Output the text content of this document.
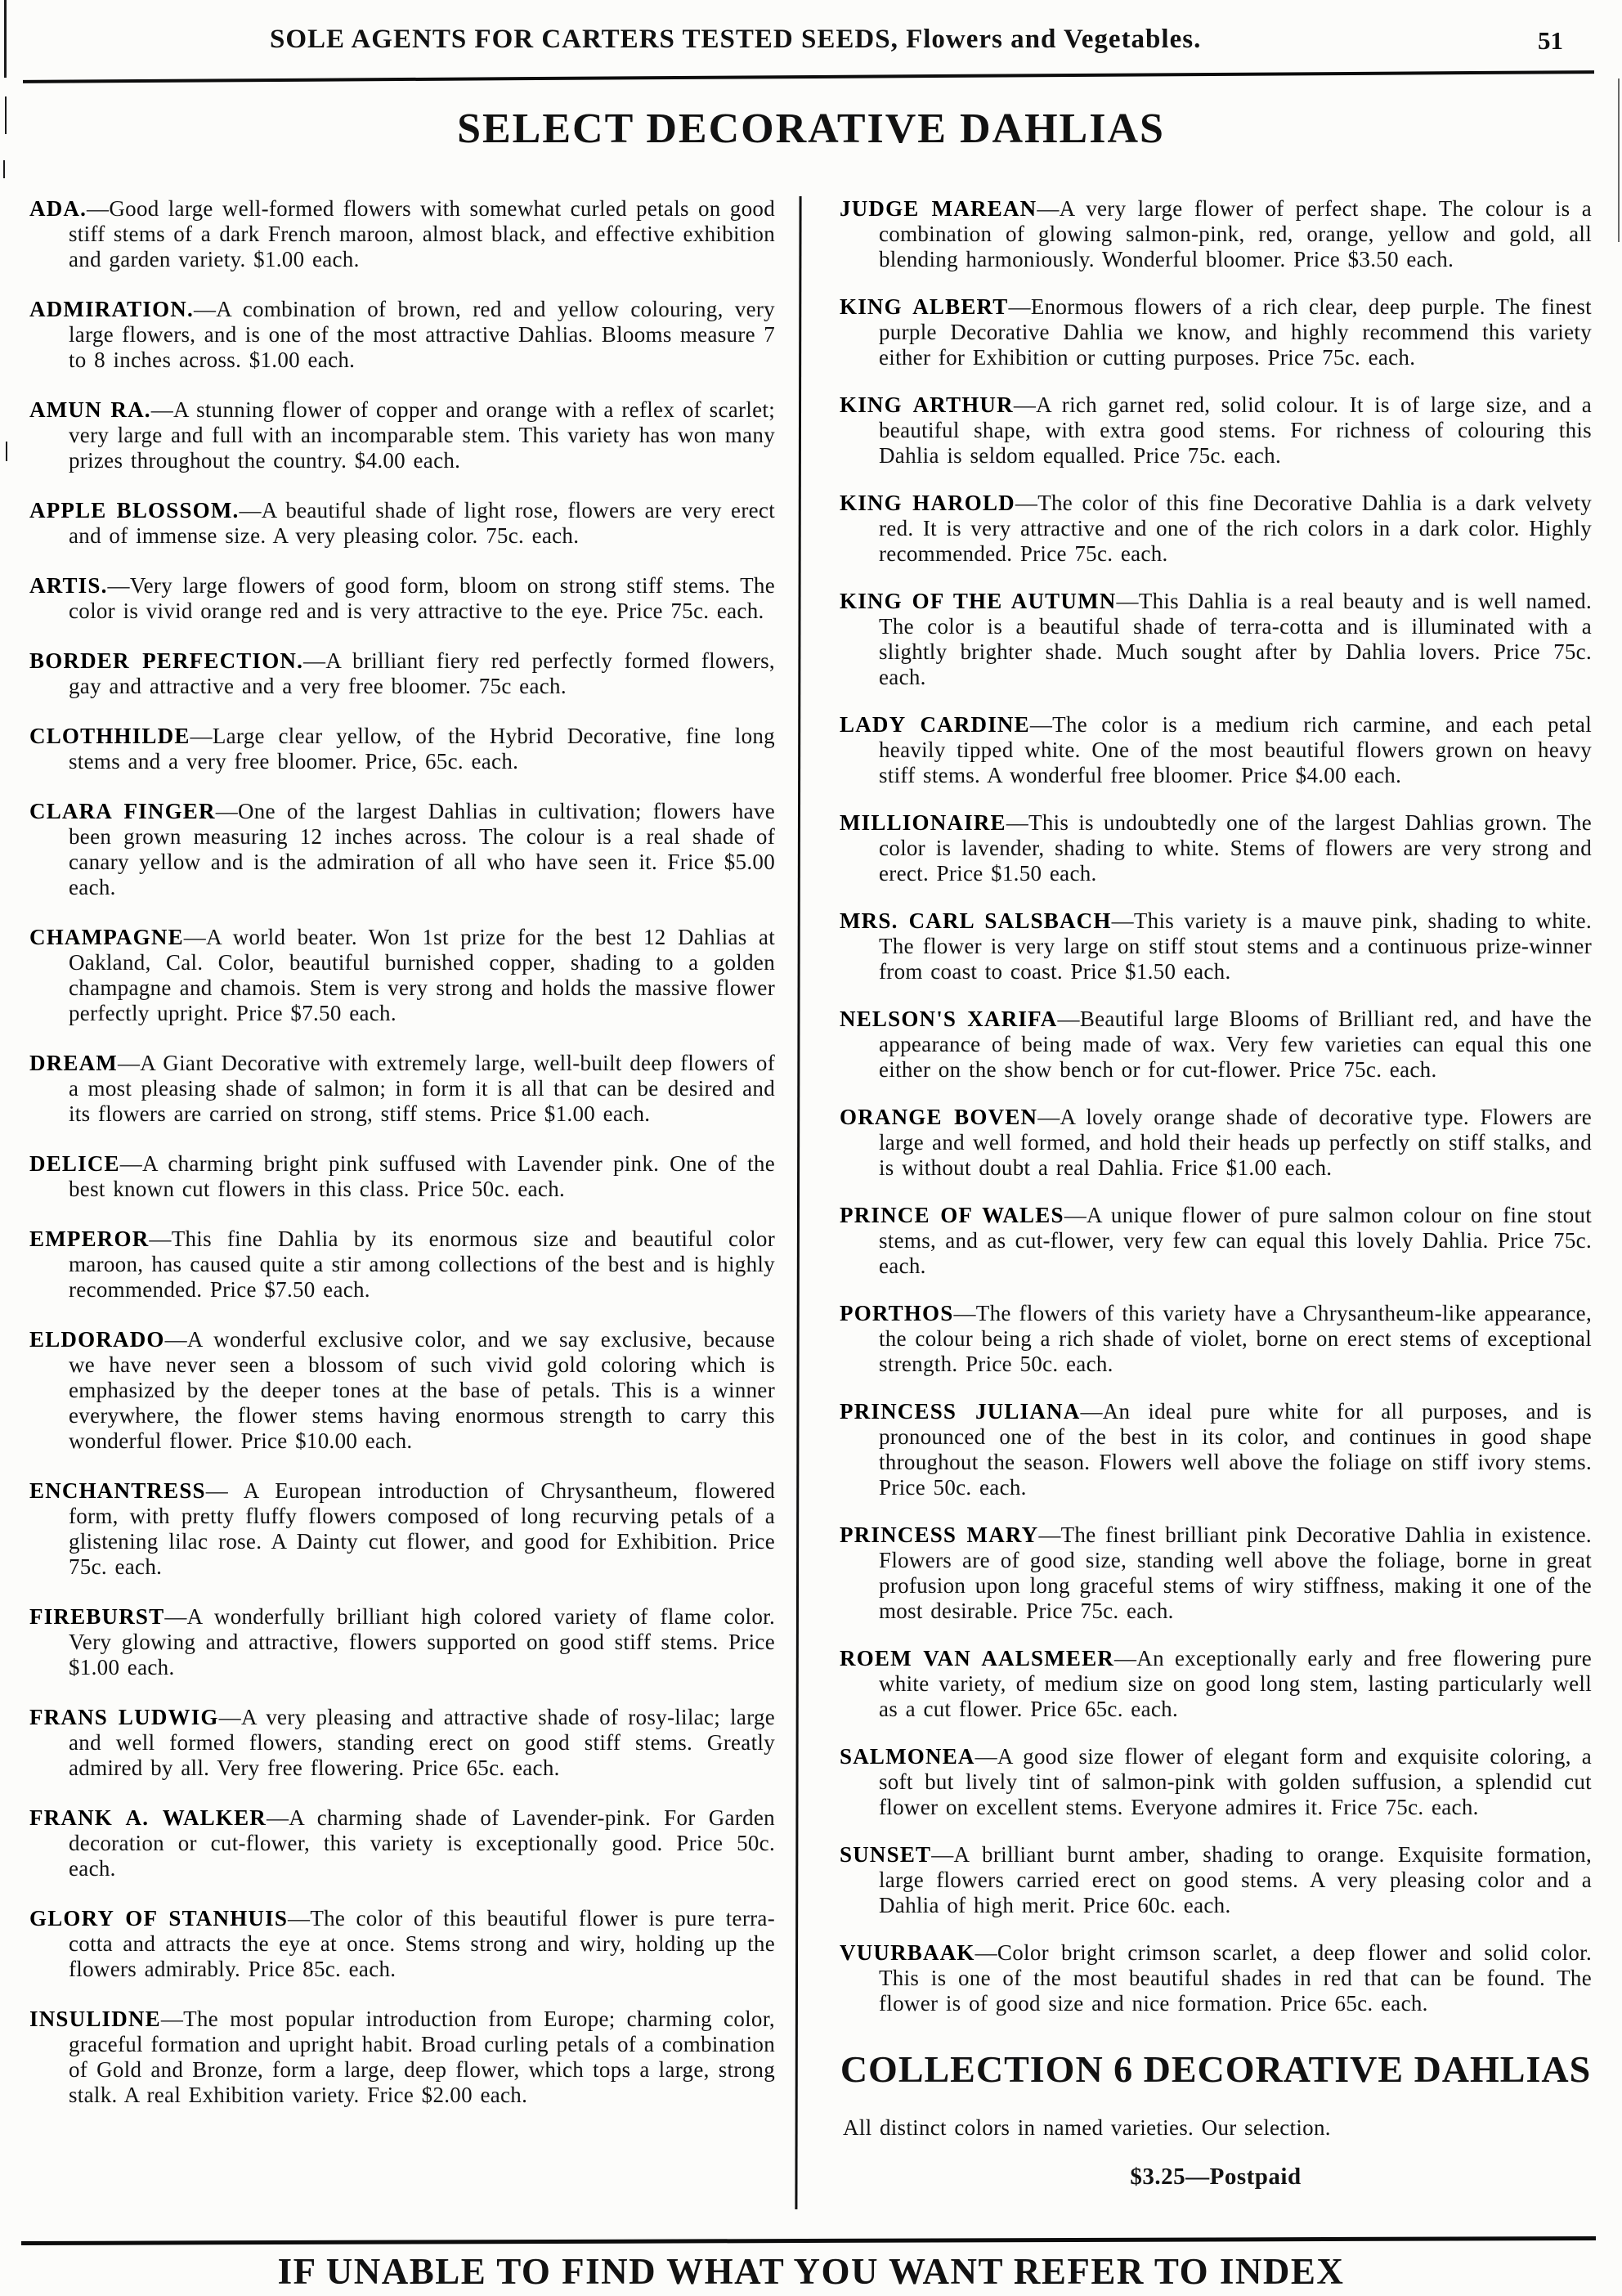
SOLE AGENTS FOR CARTERS TESTED SEEDS, Flowers and Vegetables.	51
SELECT DECORATIVE DAHLIAS

ADA.—Good large well-formed flowers with somewhat curled petals on good stiff stems of a dark French maroon, almost black, and effective exhibition and garden variety. $1.00 each.

ADMIRATION.—A combination of brown, red and yellow colouring, very large flowers, and is one of the most attractive Dahlias. Blooms measure 7 to 8 inches across. $1.00 each.

AMUN RA.—A stunning flower of copper and orange with a reflex of scarlet; very large and full with an incomparable stem. This variety has won many prizes throughout the country. $4.00 each.

APPLE BLOSSOM.—A beautiful shade of light rose, flowers are very erect and of immense size. A very pleasing color. 75c. each.

ARTIS.—Very large flowers of good form, bloom on strong stiff stems. The color is vivid orange red and is very attractive to the eye. Price 75c. each.

BORDER PERFECTION.—A brilliant fiery red perfectly formed flowers, gay and attractive and a very free bloomer. 75c each.

CLOTHHILDE—Large clear yellow, of the Hybrid Decorative, fine long stems and a very free bloomer. Price, 65c. each.

CLARA FINGER—One of the largest Dahlias in cultivation; flowers have been grown measuring 12 inches across. The colour is a real shade of canary yellow and is the admiration of all who have seen it. Frice $5.00 each.

CHAMPAGNE—A world beater. Won 1st prize for the best 12 Dahlias at Oakland, Cal. Color, beautiful burnished copper, shading to a golden champagne and chamois. Stem is very strong and holds the massive flower perfectly upright. Price $7.50 each.

DREAM—A Giant Decorative with extremely large, well-built deep flowers of a most pleasing shade of salmon; in form it is all that can be desired and its flowers are carried on strong, stiff stems. Price $1.00 each.

DELICE—A charming bright pink suffused with Lavender pink. One of the best known cut flowers in this class. Price 50c. each.

EMPEROR—This fine Dahlia by its enormous size and beautiful color maroon, has caused quite a stir among collections of the best and is highly recommended. Price $7.50 each.

ELDORADO—A wonderful exclusive color, and we say exclusive, because we have never seen a blossom of such vivid gold coloring which is emphasized by the deeper tones at the base of petals. This is a winner everywhere, the flower stems having enormous strength to carry this wonderful flower. Price $10.00 each.

ENCHANTRESS— A European introduction of Chrysantheum, flowered form, with pretty fluffy flowers composed of long recurving petals of a glistening lilac rose. A Dainty cut flower, and good for Exhibition. Price 75c. each.

FIREBURST—A wonderfully brilliant high colored variety of flame color. Very glowing and attractive, flowers supported on good stiff stems. Price $1.00 each.

FRANS LUDWIG—A very pleasing and attractive shade of rosy-lilac; large and well formed flowers, standing erect on good stiff stems. Greatly admired by all. Very free flowering. Price 65c. each.

FRANK A. WALKER—A charming shade of Lavender-pink. For Garden decoration or cut-flower, this variety is exceptionally good. Price 50c. each.

GLORY OF STANHUIS—The color of this beautiful flower is pure terra-cotta and attracts the eye at once. Stems strong and wiry, holding up the flowers admirably. Price 85c. each.

INSULIDNE—The most popular introduction from Europe; charming color, graceful formation and upright habit. Broad curling petals of a combination of Gold and Bronze, form a large, deep flower, which tops a large, strong stalk. A real Exhibition variety. Frice $2.00 each.

JUDGE MAREAN—A very large flower of perfect shape. The colour is a combination of glowing salmon-pink, red, orange, yellow and gold, all blending harmoniously. Wonderful bloomer. Price $3.50 each.

KING ALBERT—Enormous flowers of a rich clear, deep purple. The finest purple Decorative Dahlia we know, and highly recommend this variety either for Exhibition or cutting purposes. Price 75c. each.

KING ARTHUR—A rich garnet red, solid colour. It is of large size, and a beautiful shape, with extra good stems. For richness of colouring this Dahlia is seldom equalled. Price 75c. each.

KING HAROLD—The color of this fine Decorative Dahlia is a dark velvety red. It is very attractive and one of the rich colors in a dark color. Highly recommended. Price 75c. each.

KING OF THE AUTUMN—This Dahlia is a real beauty and is well named. The color is a beautiful shade of terra-cotta and is illuminated with a slightly brighter shade. Much sought after by Dahlia lovers. Price 75c. each.

LADY CARDINE—The color is a medium rich carmine, and each petal heavily tipped white. One of the most beautiful flowers grown on heavy stiff stems. A wonderful free bloomer. Price $4.00 each.

MILLIONAIRE—This is undoubtedly one of the largest Dahlias grown. The color is lavender, shading to white. Stems of flowers are very strong and erect. Price $1.50 each.

MRS. CARL SALSBACH—This variety is a mauve pink, shading to white. The flower is very large on stiff stout stems and a continuous prize-winner from coast to coast. Price $1.50 each.

NELSON'S XARIFA—Beautiful large Blooms of Brilliant red, and have the appearance of being made of wax. Very few varieties can equal this one either on the show bench or for cut-flower. Price 75c. each.

ORANGE BOVEN—A lovely orange shade of decorative type. Flowers are large and well formed, and hold their heads up perfectly on stiff stalks, and is without doubt a real Dahlia. Frice $1.00 each.

PRINCE OF WALES—A unique flower of pure salmon colour on fine stout stems, and as cut-flower, very few can equal this lovely Dahlia. Price 75c. each.

PORTHOS—The flowers of this variety have a Chrysantheum-like appearance, the colour being a rich shade of violet, borne on erect stems of exceptional strength. Price 50c. each.

PRINCESS JULIANA—An ideal pure white for all purposes, and is pronounced one of the best in its color, and continues in good shape throughout the season. Flowers well above the foliage on stiff ivory stems. Price 50c. each.

PRINCESS MARY—The finest brilliant pink Decorative Dahlia in existence. Flowers are of good size, standing well above the foliage, borne in great profusion upon long graceful stems of wiry stiffness, making it one of the most desirable. Price 75c. each.

ROEM VAN AALSMEER—An exceptionally early and free flowering pure white variety, of medium size on good long stem, lasting particularly well as a cut flower. Price 65c. each.

SALMONEA—A good size flower of elegant form and exquisite coloring, a soft but lively tint of salmon-pink with golden suffusion, a splendid cut flower on excellent stems. Everyone admires it. Frice 75c. each.

SUNSET—A brilliant burnt amber, shading to orange. Exquisite formation, large flowers carried erect on good stems. A very pleasing color and a Dahlia of high merit. Price 60c. each.

VUURBAAK—Color bright crimson scarlet, a deep flower and solid color. This is one of the most beautiful shades in red that can be found. The flower is of good size and nice formation. Price 65c. each.

COLLECTION 6 DECORATIVE DAHLIAS

All distinct colors in named varieties. Our selection.

$3.25—Postpaid

IF UNABLE TO FIND WHAT YOU WANT REFER TO INDEX
